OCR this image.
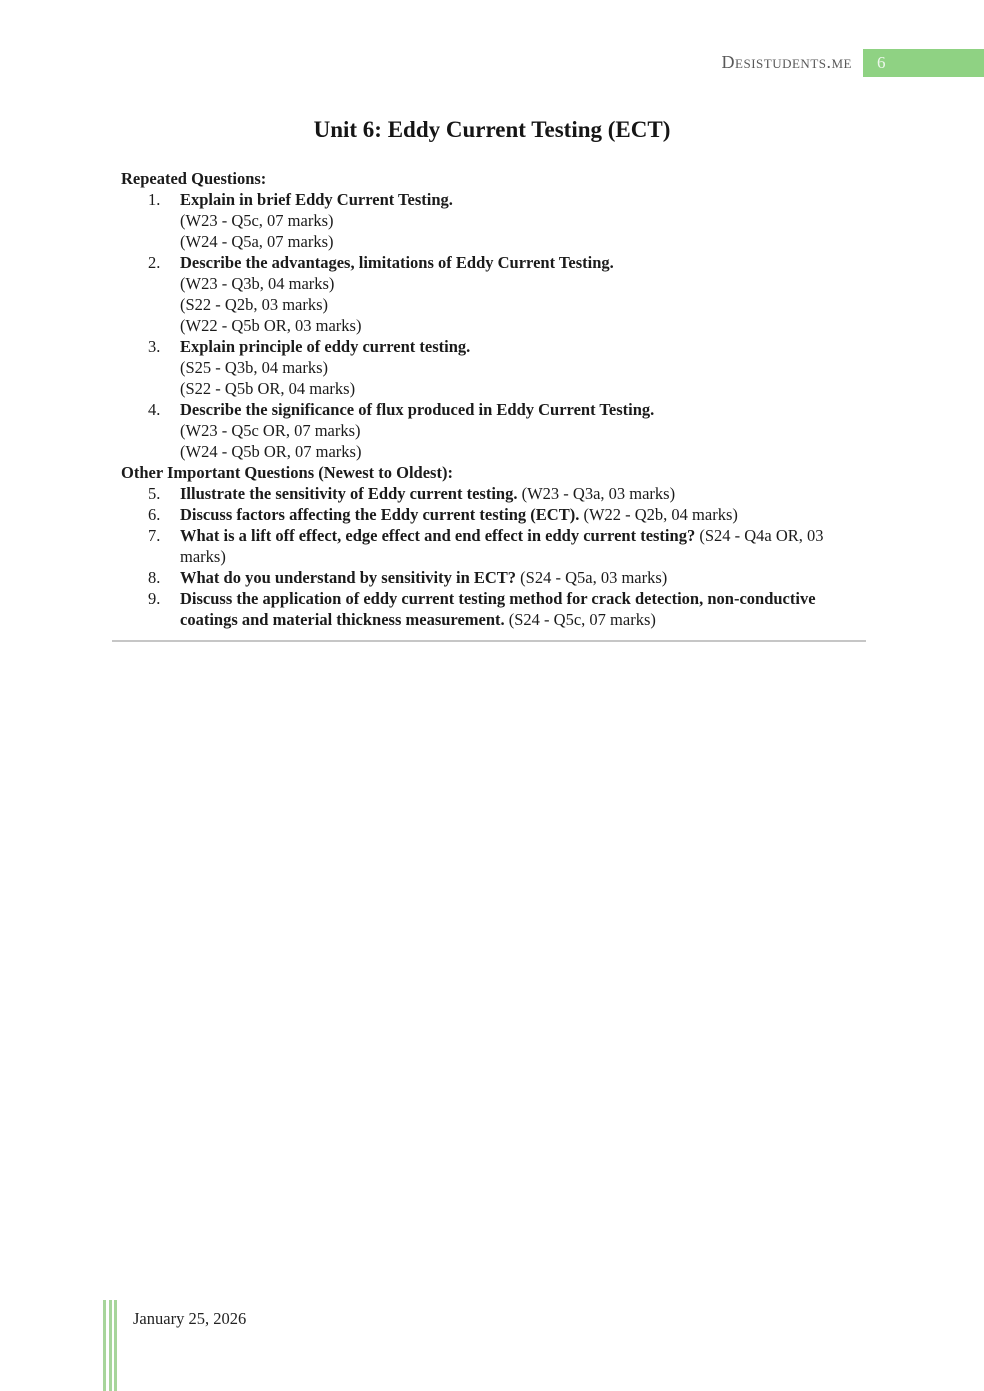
Desistudents.me	6
Unit 6: Eddy Current Testing (ECT)
Repeated Questions:
1. Explain in brief Eddy Current Testing.
(W23 - Q5c, 07 marks)
(W24 - Q5a, 07 marks)
2. Describe the advantages, limitations of Eddy Current Testing.
(W23 - Q3b, 04 marks)
(S22 - Q2b, 03 marks)
(W22 - Q5b OR, 03 marks)
3. Explain principle of eddy current testing.
(S25 - Q3b, 04 marks)
(S22 - Q5b OR, 04 marks)
4. Describe the significance of flux produced in Eddy Current Testing.
(W23 - Q5c OR, 07 marks)
(W24 - Q5b OR, 07 marks)
Other Important Questions (Newest to Oldest):
5. Illustrate the sensitivity of Eddy current testing. (W23 - Q3a, 03 marks)
6. Discuss factors affecting the Eddy current testing (ECT). (W22 - Q2b, 04 marks)
7. What is a lift off effect, edge effect and end effect in eddy current testing? (S24 - Q4a OR, 03 marks)
8. What do you understand by sensitivity in ECT? (S24 - Q5a, 03 marks)
9. Discuss the application of eddy current testing method for crack detection, non-conductive coatings and material thickness measurement. (S24 - Q5c, 07 marks)
January 25, 2026
